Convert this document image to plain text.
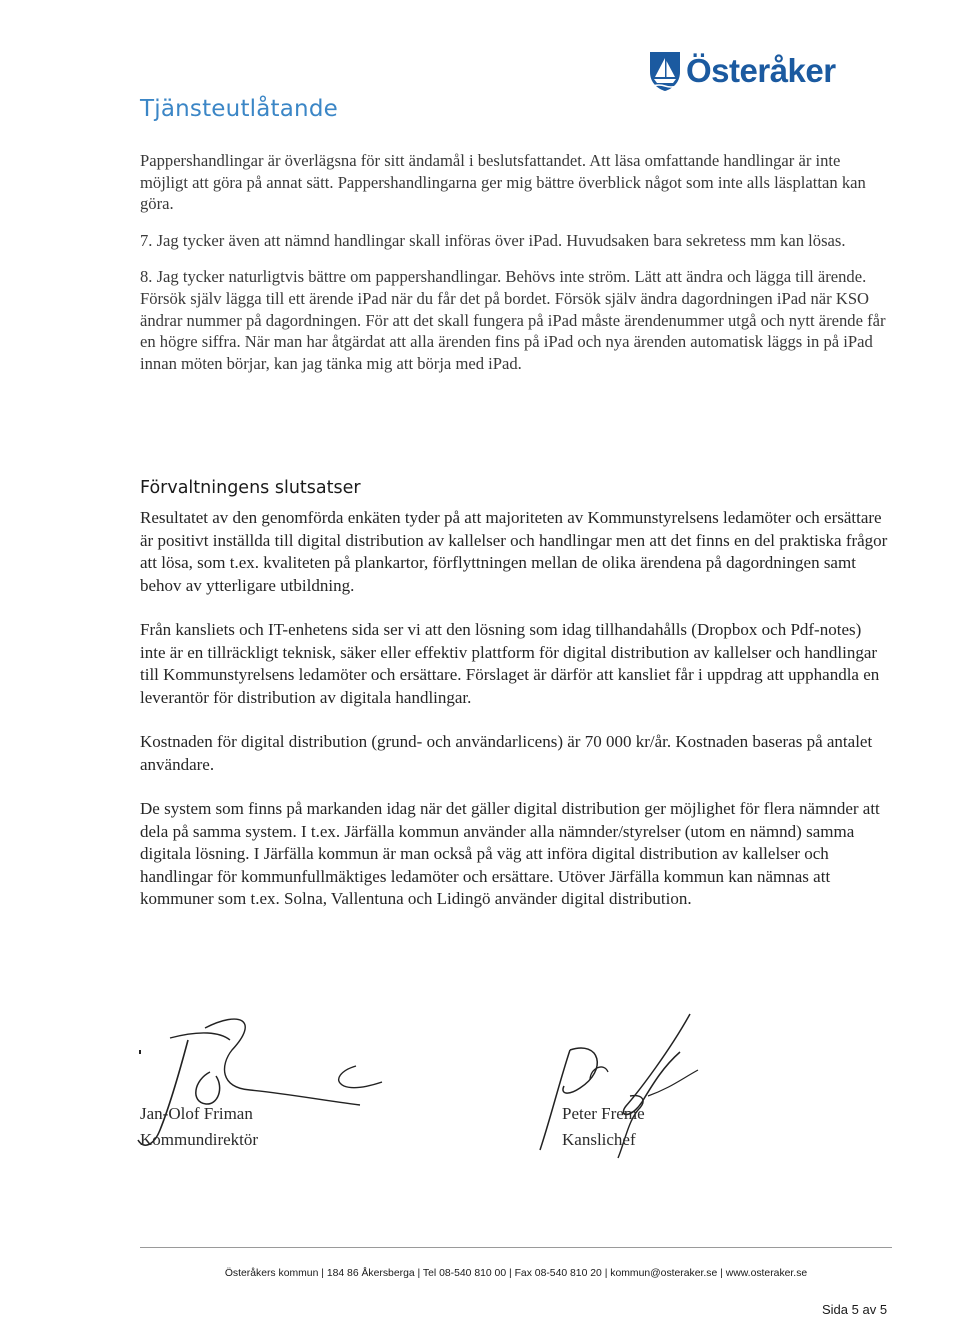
Österåker
Tjänsteutlåtande

Pappershandlingar är överlägsna för sitt ändamål i beslutsfattandet. Att läsa omfattande handlingar är inte möjligt att göra på annat sätt. Pappershandlingarna ger mig bättre överblick något som inte alls läsplattan kan göra.

7. Jag tycker även att nämnd handlingar skall införas över iPad. Huvudsaken bara sekretess mm kan lösas.

8. Jag tycker naturligtvis bättre om pappershandlingar. Behövs inte ström. Lätt att ändra och lägga till ärende. Försök själv lägga till ett ärende iPad när du får det på bordet. Försök själv ändra dagordningen iPad när KSO ändrar nummer på dagordningen. För att det skall fungera på iPad måste ärendenummer utgå och nytt ärende får en högre siffra. När man har åtgärdat att alla ärenden fins på iPad och nya ärenden automatisk läggs in på iPad innan möten börjar, kan jag tänka mig att börja med iPad.

Förvaltningens slutsatser

Resultatet av den genomförda enkäten tyder på att majoriteten av Kommunstyrelsens ledamöter och ersättare är positivt inställda till digital distribution av kallelser och handlingar men att det finns en del praktiska frågor att lösa, som t.ex. kvaliteten på plankartor, förflyttningen mellan de olika ärendena på dagordningen samt behov av ytterligare utbildning.

Från kansliets och IT-enhetens sida ser vi att den lösning som idag tillhandahålls (Dropbox och Pdf-notes) inte är en tillräckligt teknisk, säker eller effektiv plattform för digital distribution av kallelser och handlingar till Kommunstyrelsens ledamöter och ersättare. Förslaget är därför att kansliet får i uppdrag att upphandla en leverantör för distribution av digitala handlingar.

Kostnaden för digital distribution (grund- och användarlicens) är 70 000 kr/år. Kostnaden baseras på antalet användare.

De system som finns på markanden idag när det gäller digital distribution ger möjlighet för flera nämnder att dela på samma system. I t.ex. Järfälla kommun använder alla nämnder/styrelser (utom en nämnd) samma digitala lösning. I Järfälla kommun är man också på väg att införa digital distribution av kallelser och handlingar för kommunfullmäktiges ledamöter och ersättare. Utöver Järfälla kommun kan nämnas att kommuner som t.ex. Solna, Vallentuna och Lidingö använder digital distribution.

Jan-Olof Friman
Kommundirektör
Peter Freme
Kanslichef
Österåkers kommun | 184 86 Åkersberga | Tel 08-540 810 00 | Fax 08-540 810 20 | kommun@osteraker.se | www.osteraker.se
Sida 5 av 5
